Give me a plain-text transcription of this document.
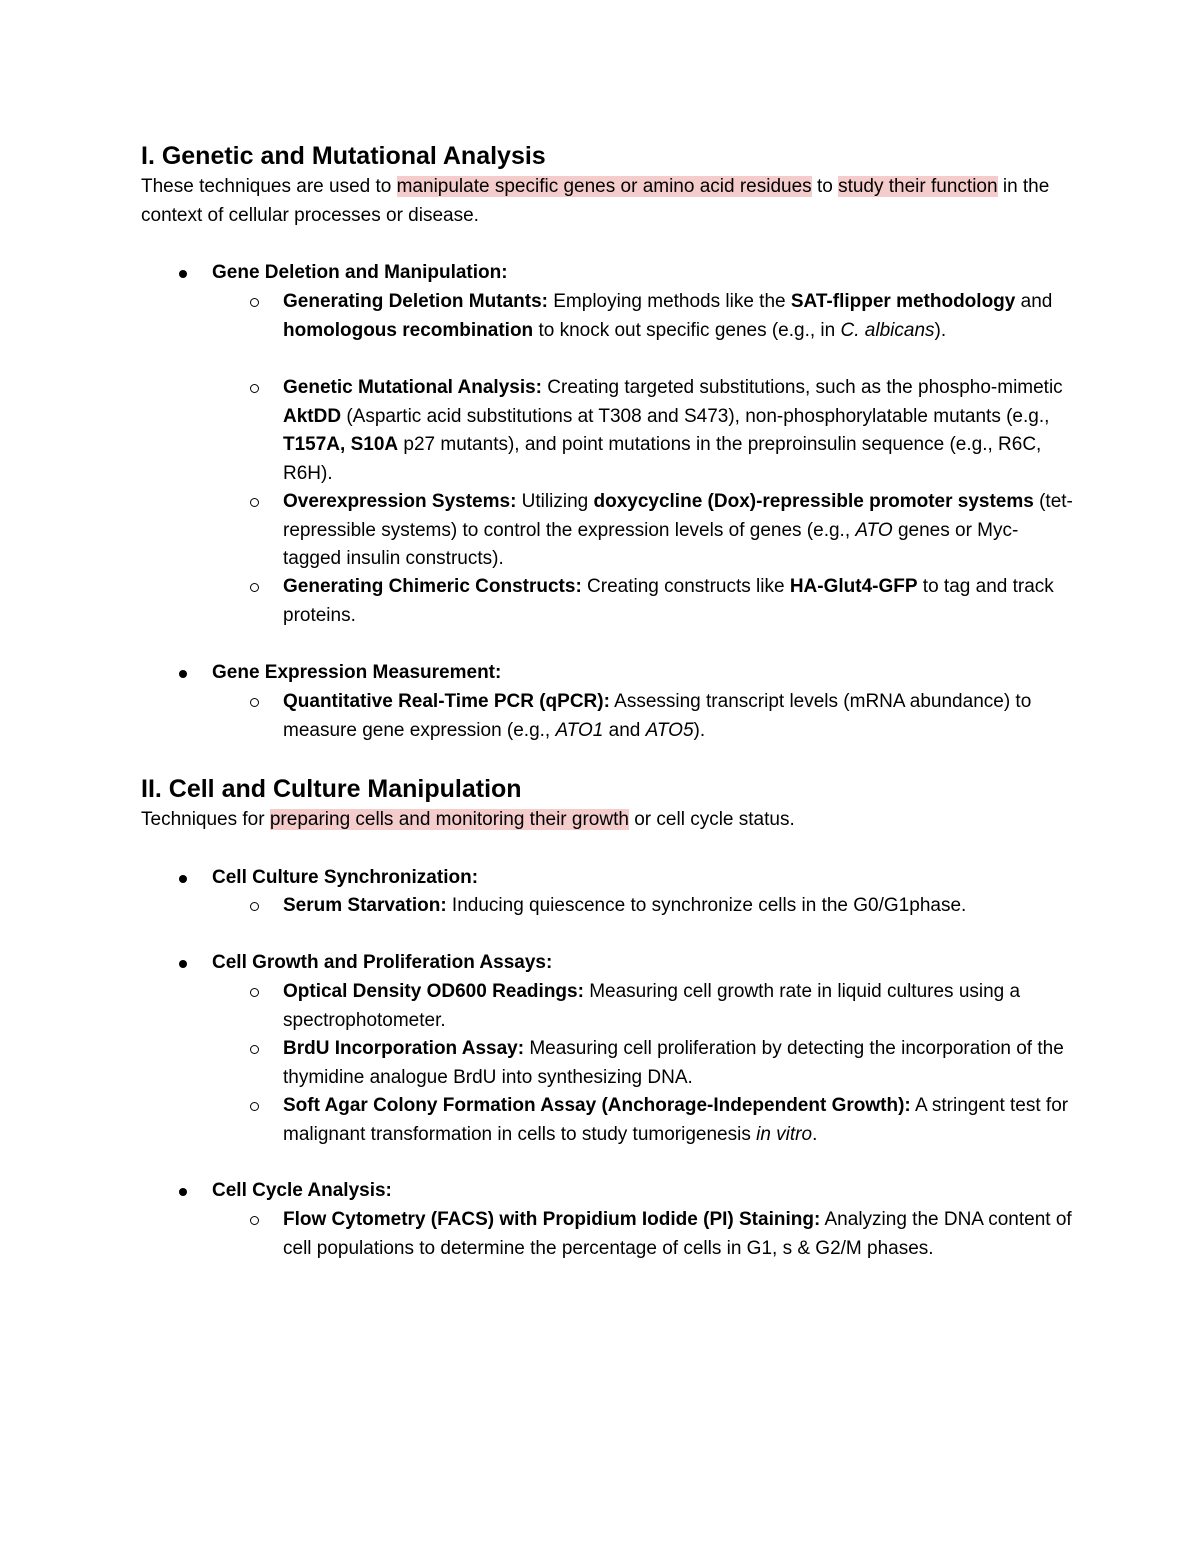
I. Genetic and Mutational Analysis

These techniques are used to manipulate specific genes or amino acid residues to study their function in the context of cellular processes or disease.

Gene Deletion and Manipulation:

Generating Deletion Mutants: Employing methods like the SAT-flipper methodology and homologous recombination to knock out specific genes (e.g., in C. albicans).

Genetic Mutational Analysis: Creating targeted substitutions, such as the phospho-mimetic AktDD (Aspartic acid substitutions at T308 and S473), non-phosphorylatable mutants (e.g., T157A, S10A p27 mutants), and point mutations in the preproinsulin sequence (e.g., R6C, R6H).

Overexpression Systems: Utilizing doxycycline (Dox)-repressible promoter systems (tet-repressible systems) to control the expression levels of genes (e.g., ATO genes or Myc-tagged insulin constructs).

Generating Chimeric Constructs: Creating constructs like HA-Glut4-GFP to tag and track proteins.

Gene Expression Measurement:

Quantitative Real-Time PCR (qPCR): Assessing transcript levels (mRNA abundance) to measure gene expression (e.g., ATO1 and ATO5).

II. Cell and Culture Manipulation

Techniques for preparing cells and monitoring their growth or cell cycle status.

Cell Culture Synchronization:

Serum Starvation: Inducing quiescence to synchronize cells in the G0/G1phase.

Cell Growth and Proliferation Assays:

Optical Density OD600 Readings: Measuring cell growth rate in liquid cultures using a spectrophotometer.

BrdU Incorporation Assay: Measuring cell proliferation by detecting the incorporation of the thymidine analogue BrdU into synthesizing DNA.

Soft Agar Colony Formation Assay (Anchorage-Independent Growth): A stringent test for malignant transformation in cells to study tumorigenesis in vitro.

Cell Cycle Analysis:

Flow Cytometry (FACS) with Propidium Iodide (PI) Staining: Analyzing the DNA content of cell populations to determine the percentage of cells in G1, s & G2/M phases.
